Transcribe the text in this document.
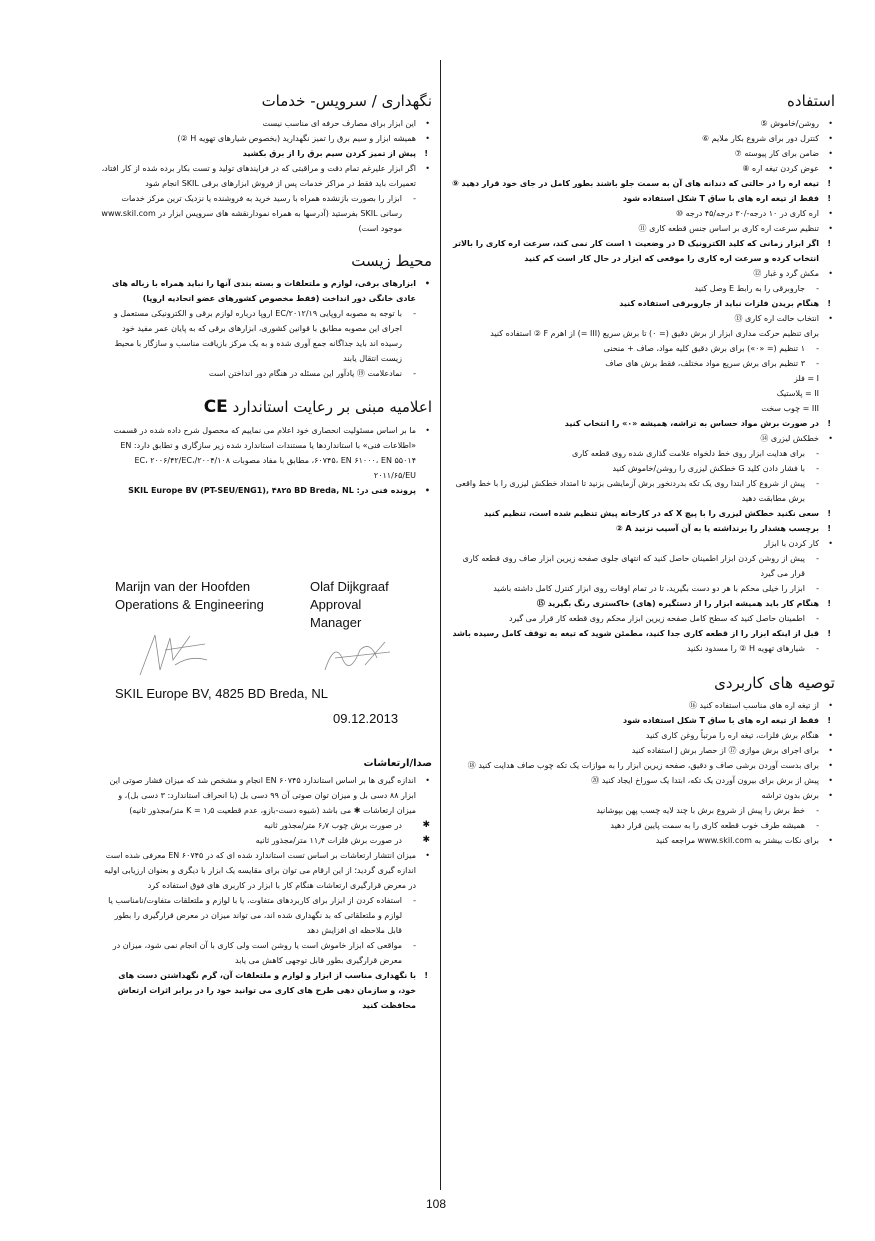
استفاده
• روشن/خاموش ⑤
• کنترل دور برای شروع بکار ملایم ⑥
• ضامن برای کار پیوسته ⑦
• عوض کردن تیغه اره ⑧
! تیغه اره را در حالتی که دندانه های آن به سمت جلو باشند بطور کامل در جای خود قرار دهید ⑨
! فقط از تیغه اره های با ساق T شکل استفاده شود
• اره کاری در ۱۰ درجه-/۳۰ درجه/۴۵ درجه ⑩
• تنظیم سرعت اره کاری بر اساس جنس قطعه کاری ⑪
! اگر ابزار زمانی که کلید الکترونیک D در وضعیت ۱ است کار نمی کند، سرعت اره کاری را بالاتر انتخاب کرده و سرعت اره کاری را موقعی که ابزار در حال کار است کم کنید
• مکش گرد و غبار ⑫
- جاروبرقی را به رابط E وصل کنید
! هنگام بریدن فلزات نباید از جاروبرقی استفاده کنید
• انتخاب حالت اره کاری ⑬
برای تنظیم حرکت مداری ابزار از برش دقیق (= ۰) تا برش سریع (III =) از اهرم F ② استفاده کنید
- ۱ تنظیم (= «۰») برای برش دقیق کلیه مواد، صاف + منحنی
- ۳ تنظیم برای برش سریع مواد مختلف، فقط برش های صاف
I = فلز
II = پلاستیک
III = چوب سخت
! در صورت برش مواد حساس به تراشه، همیشه «۰» را انتخاب کنید
• خطکش لیزری ⑭
- برای هدایت ابزار روی خط دلخواه علامت گذاری شده روی قطعه کاری
- با فشار دادن کلید G خطکش لیزری را روشن/خاموش کنید
- پیش از شروع کار ابتدا روی یک تکه بدردنخور برش آزمایشی بزنید تا امتداد خطکش لیزری را با خط واقعی برش مطابقت دهید
! سعی نکنید خطکش لیزری را با پیچ X که در کارخانه پیش تنظیم شده است، تنظیم کنید
! برچسب هشدار را برنداشته یا به آن آسیب نزنید A ②
• کار کردن با ابزار
- پیش از روشن کردن ابزار اطمینان حاصل کنید که انتهای جلوی صفحه زیرین ابزار صاف روی قطعه کاری قرار می گیرد
- ابزار را خیلی محکم با هر دو دست بگیرید، تا در تمام اوقات روی ابزار کنترل کامل داشته باشید
! هنگام کار باید همیشه ابزار را از دستگیره (های) خاکستری رنگ بگیرید ⑮
- اطمینان حاصل کنید که سطح کامل صفحه زیرین ابزار محکم روی قطعه کار قرار می گیرد
! قبل از اینکه ابزار را از قطعه کاری جدا کنید، مطمئن شوید که تیغه به توقف کامل رسیده باشد
- شیارهای تهویه H ② را مسدود نکنید
توصیه های کاربردی
• از تیغه اره های مناسب استفاده کنید ⑯
! فقط از تیغه اره های با ساق T شکل استفاده شود
• هنگام برش فلزات، تیغه اره را مرتباً روغن کاری کنید
• برای اجرای برش موازی ⑰ از حصار برش J استفاده کنید
• برای بدست آوردن برشی صاف و دقیق، صفحه زیرین ابزار را به موازات یک تکه چوب صاف هدایت کنید ⑱
• پیش از برش برای بیرون آوردن یک تکه، ابتدا یک سوراخ ایجاد کنید ⑳
• برش بدون تراشه
- خط برش را پیش از شروع برش با چند لایه چسب پهن بپوشانید
- همیشه طرف خوب قطعه کاری را به سمت پایین قرار دهید
• برای نکات بیشتر به www.skil.com مراجعه کنید
نگهداری / سرویس- خدمات
• این ابزار برای مصارف حرفه ای مناسب نیست
• همیشه ابزار و سیم برق را تمیز نگهدارید (بخصوص شیارهای تهویه H ②)
! پیش از تمیز کردن سیم برق را از برق بکشید
• اگر ابزار علیرغم تمام دقت و مراقبتی که در فرایندهای تولید و تست بکار برده شده از کار افتاد، تعمیرات باید فقط در مراکز خدمات پس از فروش ابزارهای برقی SKIL انجام شود
- ابزار را بصورت بازنشده همراه با رسید خرید به فروشنده یا نزدیک ترین مرکز خدمات رسانی SKIL بفرستید (آدرسها به همراه نمودارنقشه های سرویس ابزار در www.skil.com موجود است)
محیط زیست
• ابزارهای برقی، لوازم و ملتعلقات و بسته بندی آنها را نباید همراه با زباله های عادی خانگی دور انداخت (فقط مخصوص کشورهای عضو اتحادیه اروپا)
- با توجه به مصوبه اروپایی ۲۰۱۲/۱۹/EC اروپا درباره لوازم برقی و الکترونیکی مستعمل و اجرای این مصوبه مطابق با قوانین کشوری، ابزارهای برقی که به پایان عمر مفید خود رسیده اند باید جداگانه جمع آوری شده و به یک مرکز بازیافت مناسب و سازگار با محیط زیست انتقال یابند
- نمادعلامت ⑲ یادآور این مسئله در هنگام دور انداختن است
اعلامیه مبنی بر رعایت استاندارد CE
• ما بر اساس مسئولیت انحصاری خود اعلام می نماییم که محصول شرح داده شده در قسمت «اطلاعات فنی» با استانداردها یا مستندات استاندارد شده زیر سازگاری و تطابق دارد: EN ۶۰۷۴۵، EN ۶۱۰۰۰، EN ۵۵۰۱۴، مطابق با مفاد مصوبات ۲۰۰۴/۱۰۸/EC، ۲۰۰۶/۴۲/EC، ۲۰۱۱/۶۵/EU
• پرونده فنی در: SKIL Europe BV (PT-SEU/ENG1), ۴۸۲۵ BD Breda, NL
Marijn van der Hoofden
Operations & Engineering
Olaf Dijkgraaf
Approval Manager
SKIL Europe BV, 4825 BD Breda, NL
09.12.2013
صدا/ارتعاشات
• اندازه گیری ها بر اساس استاندارد EN ۶۰۷۴۵ انجام و مشخص شد که میزان فشار صوتی این ابزار ۸۸ دسی بل و میزان توان صوتی آن ۹۹ دسی بل (با انحراف استاندارد: ۳ دسی بل)، و میزان ارتعاشات ✱ می باشد (شیوه دست-بازو، عدم قطعیت K = ۱٫۵ متر/مجذور ثانیه)
✱ در صورت برش چوب ۶٫۷ متر/مجذور ثانیه
✱ در صورت برش فلزات ۱۱٫۴ متر/مجذور ثانیه
• میزان انتشار ارتعاشات بر اساس تست استاندارد شده ای که در EN ۶۰۷۴۵ معرفی شده است اندازه گیری گردید؛ از این ارقام می توان برای مقایسه یک ابزار با دیگری و بعنوان ارزیابی اولیه در معرض قرارگیری ارتعاشات هنگام کار با ابزار در کاربری های فوق استفاده کرد
- استفاده کردن از ابزار برای کاربردهای متفاوت، یا با لوازم و ملتعلقات متفاوت/نامناسب یا لوازم و ملتعلقاتی که بد نگهداری شده اند، می تواند میزان در معرض قرارگیری را بطور قابل ملاحظه ای افزایش دهد
- مواقعی که ابزار خاموش است یا روشن است ولی کاری با آن انجام نمی شود، میزان در معرض قرارگیری بطور قابل توجهی کاهش می یابد
! با نگهداری مناسب از ابزار و لوازم و ملتعلقات آن، گرم نگهداشتن دست های خود، و سازمان دهی طرح های کاری می توانید خود را در برابر اثرات ارتعاش محافظت کنید
108
